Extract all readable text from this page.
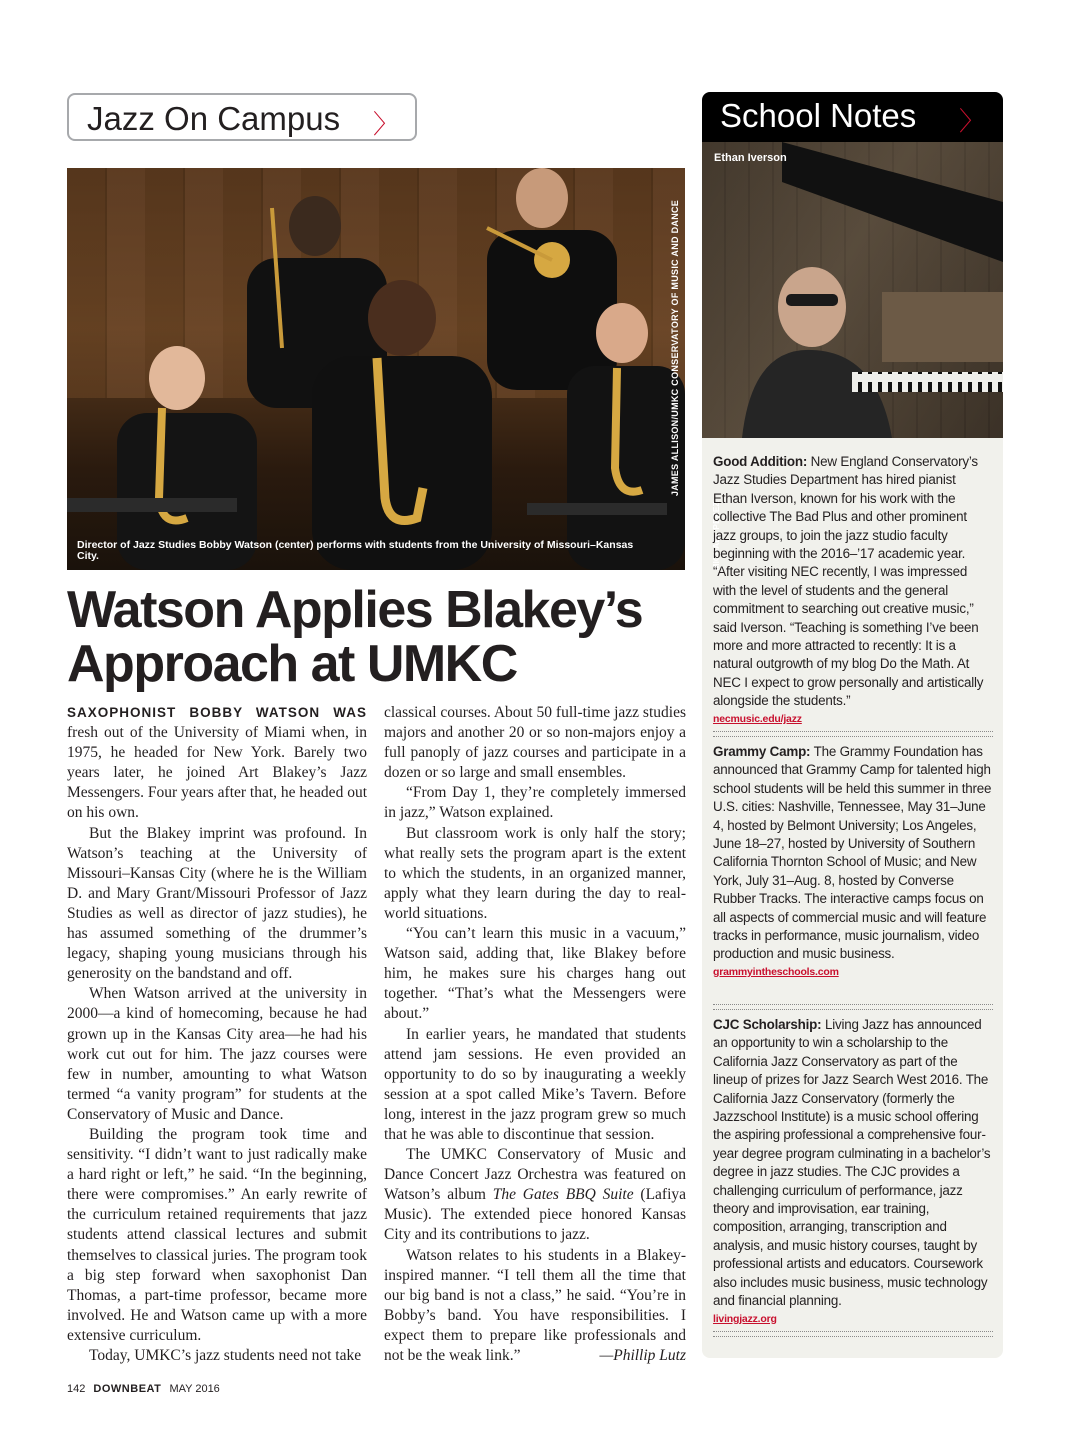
Jazz On Campus 〉	School Notes 〉
JAMES ALLISON/UMKC CONSERVATORY OF MUSIC AND DANCE
Director of Jazz Studies Bobby Watson (center) performs with students from the University of Missouri–Kansas City.
Watson Applies Blakey’s Approach at UMKC

SAXOPHONIST BOBBY WATSON WAS fresh out of the University of Miami when, in 1975, he headed for New York. Barely two years later, he joined Art Blakey’s Jazz Messengers. Four years after that, he headed out on his own.

But the Blakey imprint was profound. In Watson’s teaching at the University of Missouri–Kansas City (where he is the William D. and Mary Grant/Missouri Professor of Jazz Studies as well as director of jazz studies), he has assumed something of the drummer’s legacy, shaping young musicians through his generosity on the bandstand and off.

When Watson arrived at the university in 2000—a kind of homecoming, because he had grown up in the Kansas City area—he had his work cut out for him. The jazz courses were few in number, amounting to what Watson termed “a vanity program” for students at the Conservatory of Music and Dance.

Building the program took time and sensitivity. “I didn’t want to just radically make a hard right or left,” he said. “In the beginning, there were compromises.” An early rewrite of the curriculum retained requirements that jazz students attend classical lectures and submit themselves to classical juries. The program took a big step forward when saxophonist Dan Thomas, a part-time professor, became more involved. He and Watson came up with a more extensive curriculum.

Today, UMKC’s jazz students need not take

classical courses. About 50 full-time jazz studies majors and another 20 or so non-majors enjoy a full panoply of jazz courses and participate in a dozen or so large and small ensembles.

“From Day 1, they’re completely immersed in jazz,” Watson explained.

But classroom work is only half the story; what really sets the program apart is the extent to which the students, in an organized manner, apply what they learn during the day to real-world situations.

“You can’t learn this music in a vacuum,” Watson said, adding that, like Blakey before him, he makes sure his charges hang out together. “That’s what the Messengers were about.”

In earlier years, he mandated that students attend jam sessions. He even provided an opportunity to do so by inaugurating a weekly session at a spot called Mike’s Tavern. Before long, interest in the jazz program grew so much that he was able to discontinue that session.

The UMKC Conservatory of Music and Dance Concert Jazz Orchestra was featured on Watson’s album The Gates BBQ Suite (Lafiya Music). The extended piece honored Kansas City and its contributions to jazz.

Watson relates to his students in a Blakey-inspired manner. “I tell them all the time that our big band is not a class,” he said. “You’re in Bobby’s band. You have responsibilities. I expect them to prepare like professionals and not be the weak link.”	—Phillip Lutz

Ethan Iverson
MICHAEL PEREZ
Good Addition: New England Conservatory’s Jazz Studies Department has hired pianist Ethan Iverson, known for his work with the collective The Bad Plus and other prominent jazz groups, to join the jazz studio faculty beginning with the 2016–’17 academic year. “After visiting NEC recently, I was impressed with the level of students and the general commitment to searching out creative music,” said Iverson. “Teaching is something I’ve been more and more attracted to recently: It is a natural outgrowth of my blog Do the Math. At NEC I expect to grow personally and artistically alongside the students.”
necmusic.edu/jazz
Grammy Camp: The Grammy Foundation has announced that Grammy Camp for talented high school students will be held this summer in three U.S. cities: Nashville, Tennessee, May 31–June 4, hosted by Belmont University; Los Angeles, June 18–27, hosted by University of Southern California Thornton School of Music; and New York, July 31–Aug. 8, hosted by Converse Rubber Tracks. The interactive camps focus on all aspects of commercial music and will feature tracks in performance, music journalism, video production and music business.
grammyintheschools.com
CJC Scholarship: Living Jazz has announced an opportunity to win a scholarship to the California Jazz Conservatory as part of the lineup of prizes for Jazz Search West 2016. The California Jazz Conservatory (formerly the Jazzschool Institute) is a music school offering the aspiring professional a comprehensive four-year degree program culminating in a bachelor’s degree in jazz studies. The CJC provides a challenging curriculum of performance, jazz theory and improvisation, ear training, composition, arranging, transcription and analysis, and music history courses, taught by professional artists and educators. Coursework also includes music business, music technology and financial planning.
livingjazz.org
142 DOWNBEAT MAY 2016
